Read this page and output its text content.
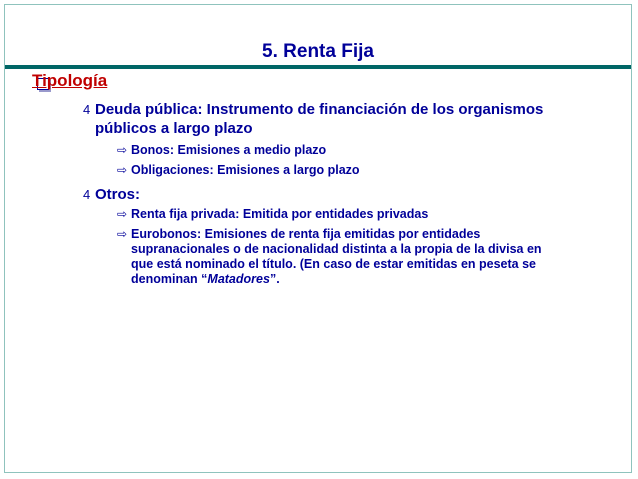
5. Renta Fija
Tipología
4 Deuda pública: Instrumento de financiación de los organismos
públicos a largo plazo
⇨ Bonos: Emisiones a medio plazo
⇨ Obligaciones: Emisiones a largo plazo
4 Otros:
⇨ Renta fija privada: Emitida por entidades privadas
⇨ Eurobonos: Emisiones de renta fija emitidas por entidades
supranacionales o de nacionalidad distinta a la propia de la divisa en
que está nominado el título. (En caso de estar emitidas en peseta se
denominan “Matadores”.
